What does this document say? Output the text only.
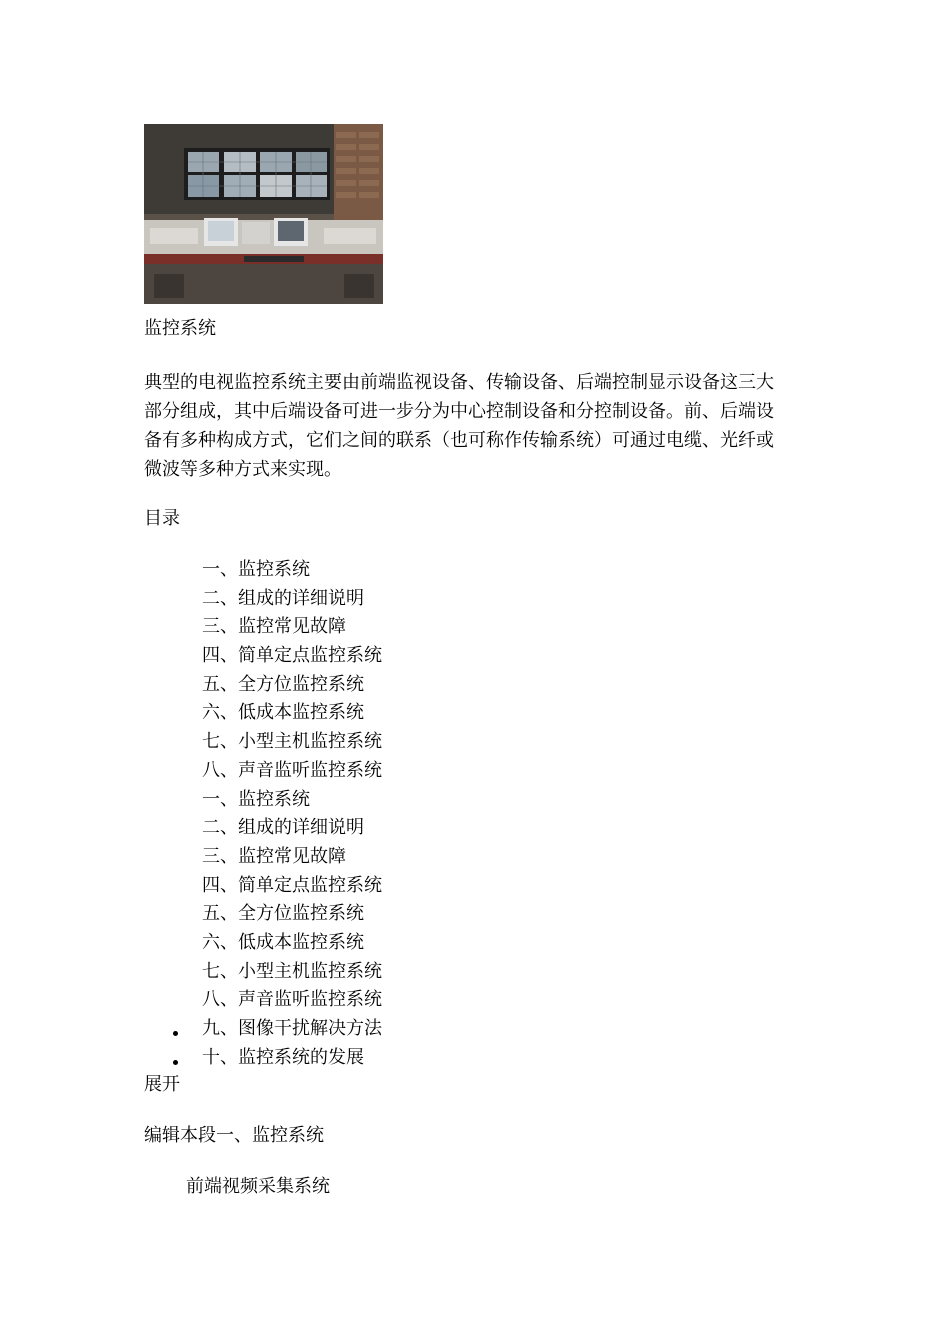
监控系统
典型的电视监控系统主要由前端监视设备、传输设备、后端控制显示设备这三大
部分组成，其中后端设备可进一步分为中心控制设备和分控制设备。前、后端设
备有多种构成方式，它们之间的联系（也可称作传输系统）可通过电缆、光纤或
微波等多种方式来实现。
目录
一、监控系统
二、组成的详细说明
三、监控常见故障
四、简单定点监控系统
五、全方位监控系统
六、低成本监控系统
七、小型主机监控系统
八、声音监听监控系统
一、监控系统
二、组成的详细说明
三、监控常见故障
四、简单定点监控系统
五、全方位监控系统
六、低成本监控系统
七、小型主机监控系统
八、声音监听监控系统
九、图像干扰解决方法
十、监控系统的发展
展开
编辑本段一、监控系统
前端视频采集系统
